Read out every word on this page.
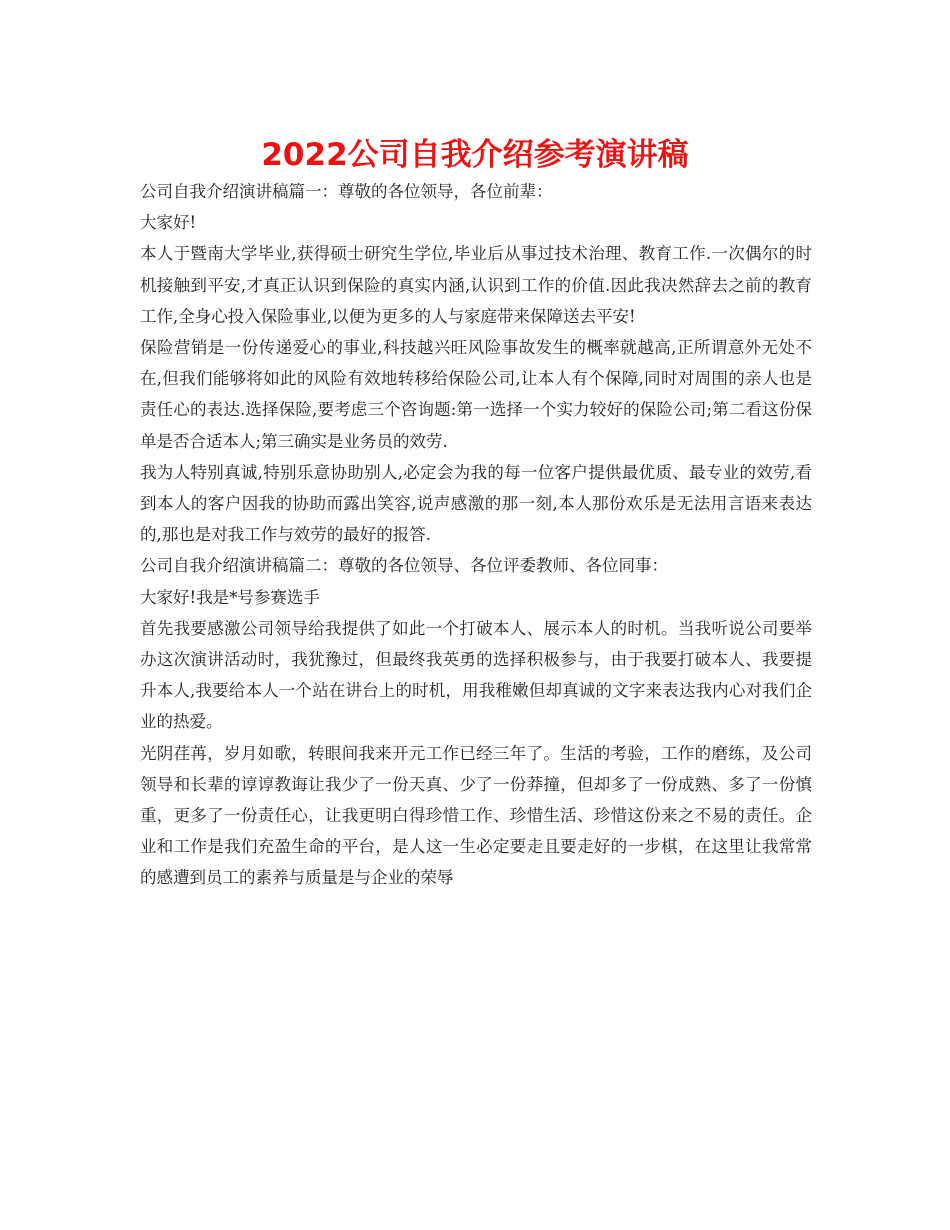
2022公司自我介绍参考演讲稿

公司自我介绍演讲稿篇一：尊敬的各位领导，各位前辈：

大家好!

本人于暨南大学毕业,获得硕士研究生学位,毕业后从事过技术治理、教育工作.一次偶尔的时机接触到平安,才真正认识到保险的真实内涵,认识到工作的价值.因此我决然辞去之前的教育工作,全身心投入保险事业,以便为更多的人与家庭带来保障送去平安!

保险营销是一份传递爱心的事业,科技越兴旺风险事故发生的概率就越高,正所谓意外无处不在,但我们能够将如此的风险有效地转移给保险公司,让本人有个保障,同时对周围的亲人也是责任心的表达.选择保险,要考虑三个咨询题:第一选择一个实力较好的保险公司;第二看这份保单是否合适本人;第三确实是业务员的效劳.

我为人特别真诚,特别乐意协助别人,必定会为我的每一位客户提供最优质、最专业的效劳,看到本人的客户因我的协助而露出笑容,说声感激的那一刻,本人那份欢乐是无法用言语来表达的,那也是对我工作与效劳的最好的报答.

公司自我介绍演讲稿篇二：尊敬的各位领导、各位评委教师、各位同事：

大家好!我是*号参赛选手

首先我要感激公司领导给我提供了如此一个打破本人、展示本人的时机。当我听说公司要举办这次演讲活动时，我犹豫过，但最终我英勇的选择积极参与，由于我要打破本人、我要提升本人,我要给本人一个站在讲台上的时机，用我稚嫩但却真诚的文字来表达我内心对我们企业的热爱。

光阴荏苒，岁月如歌，转眼间我来开元工作已经三年了。生活的考验，工作的磨练，及公司领导和长辈的谆谆教诲让我少了一份天真、少了一份莽撞，但却多了一份成熟、多了一份慎重，更多了一份责任心，让我更明白得珍惜工作、珍惜生活、珍惜这份来之不易的责任。企业和工作是我们充盈生命的平台，是人这一生必定要走且要走好的一步棋，在这里让我常常的感遭到员工的素养与质量是与企业的荣辱
